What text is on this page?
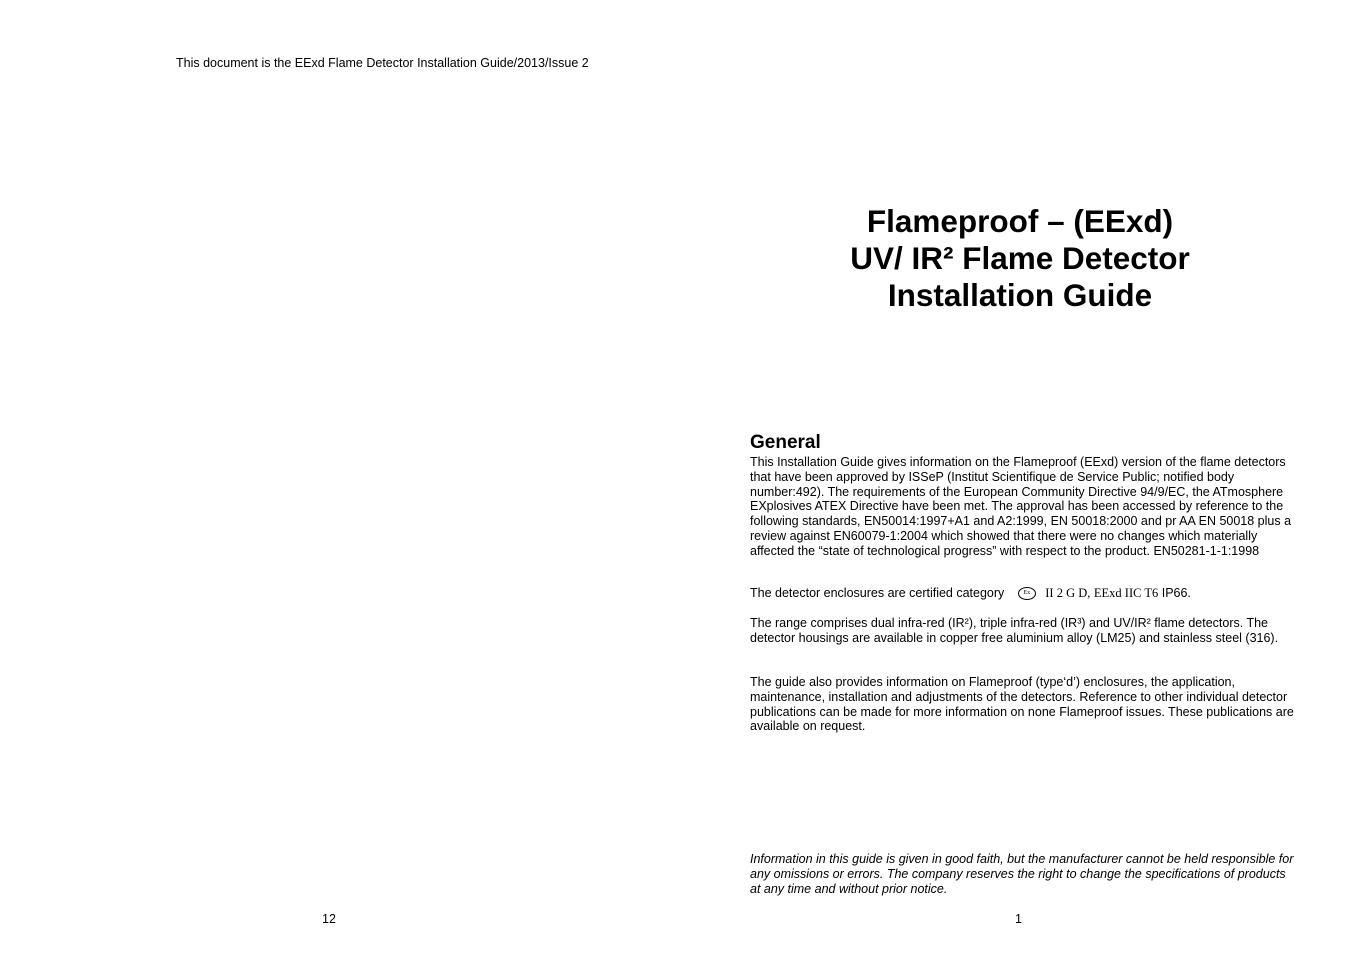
This document is the EExd Flame Detector Installation Guide/2013/Issue 2
12
Flameproof – (EExd)
UV/ IR² Flame Detector
Installation Guide
General

This Installation Guide gives information on the Flameproof (EExd) version of the flame detectors that have been approved by ISSeP (Institut Scientifique de Service Public; notified body number:492). The requirements of the European Community Directive 94/9/EC, the ATmosphere EXplosives ATEX Directive have been met. The approval has been accessed by reference to the following standards, EN50014:1997+A1 and A2:1999, EN 50018:2000 and pr AA EN 50018 plus a review against EN60079-1:2004 which showed that there were no changes which materially affected the “state of technological progress” with respect to the product. EN50281-1-1:1998

The detector enclosures are certified category	Ex II 2 G D, EExd IIC T6 IP66.

The range comprises dual infra-red (IR²), triple infra-red (IR³) and UV/IR² flame detectors. The detector housings are available in copper free aluminium alloy (LM25) and stainless steel (316).

The guide also provides information on Flameproof (type‘d’) enclosures, the application, maintenance, installation and adjustments of the detectors. Reference to other individual detector publications can be made for more information on none Flameproof issues. These publications are available on request.

Information in this guide is given in good faith, but the manufacturer cannot be held responsible for any omissions or errors. The company reserves the right to change the specifications of products at any time and without prior notice.

1
